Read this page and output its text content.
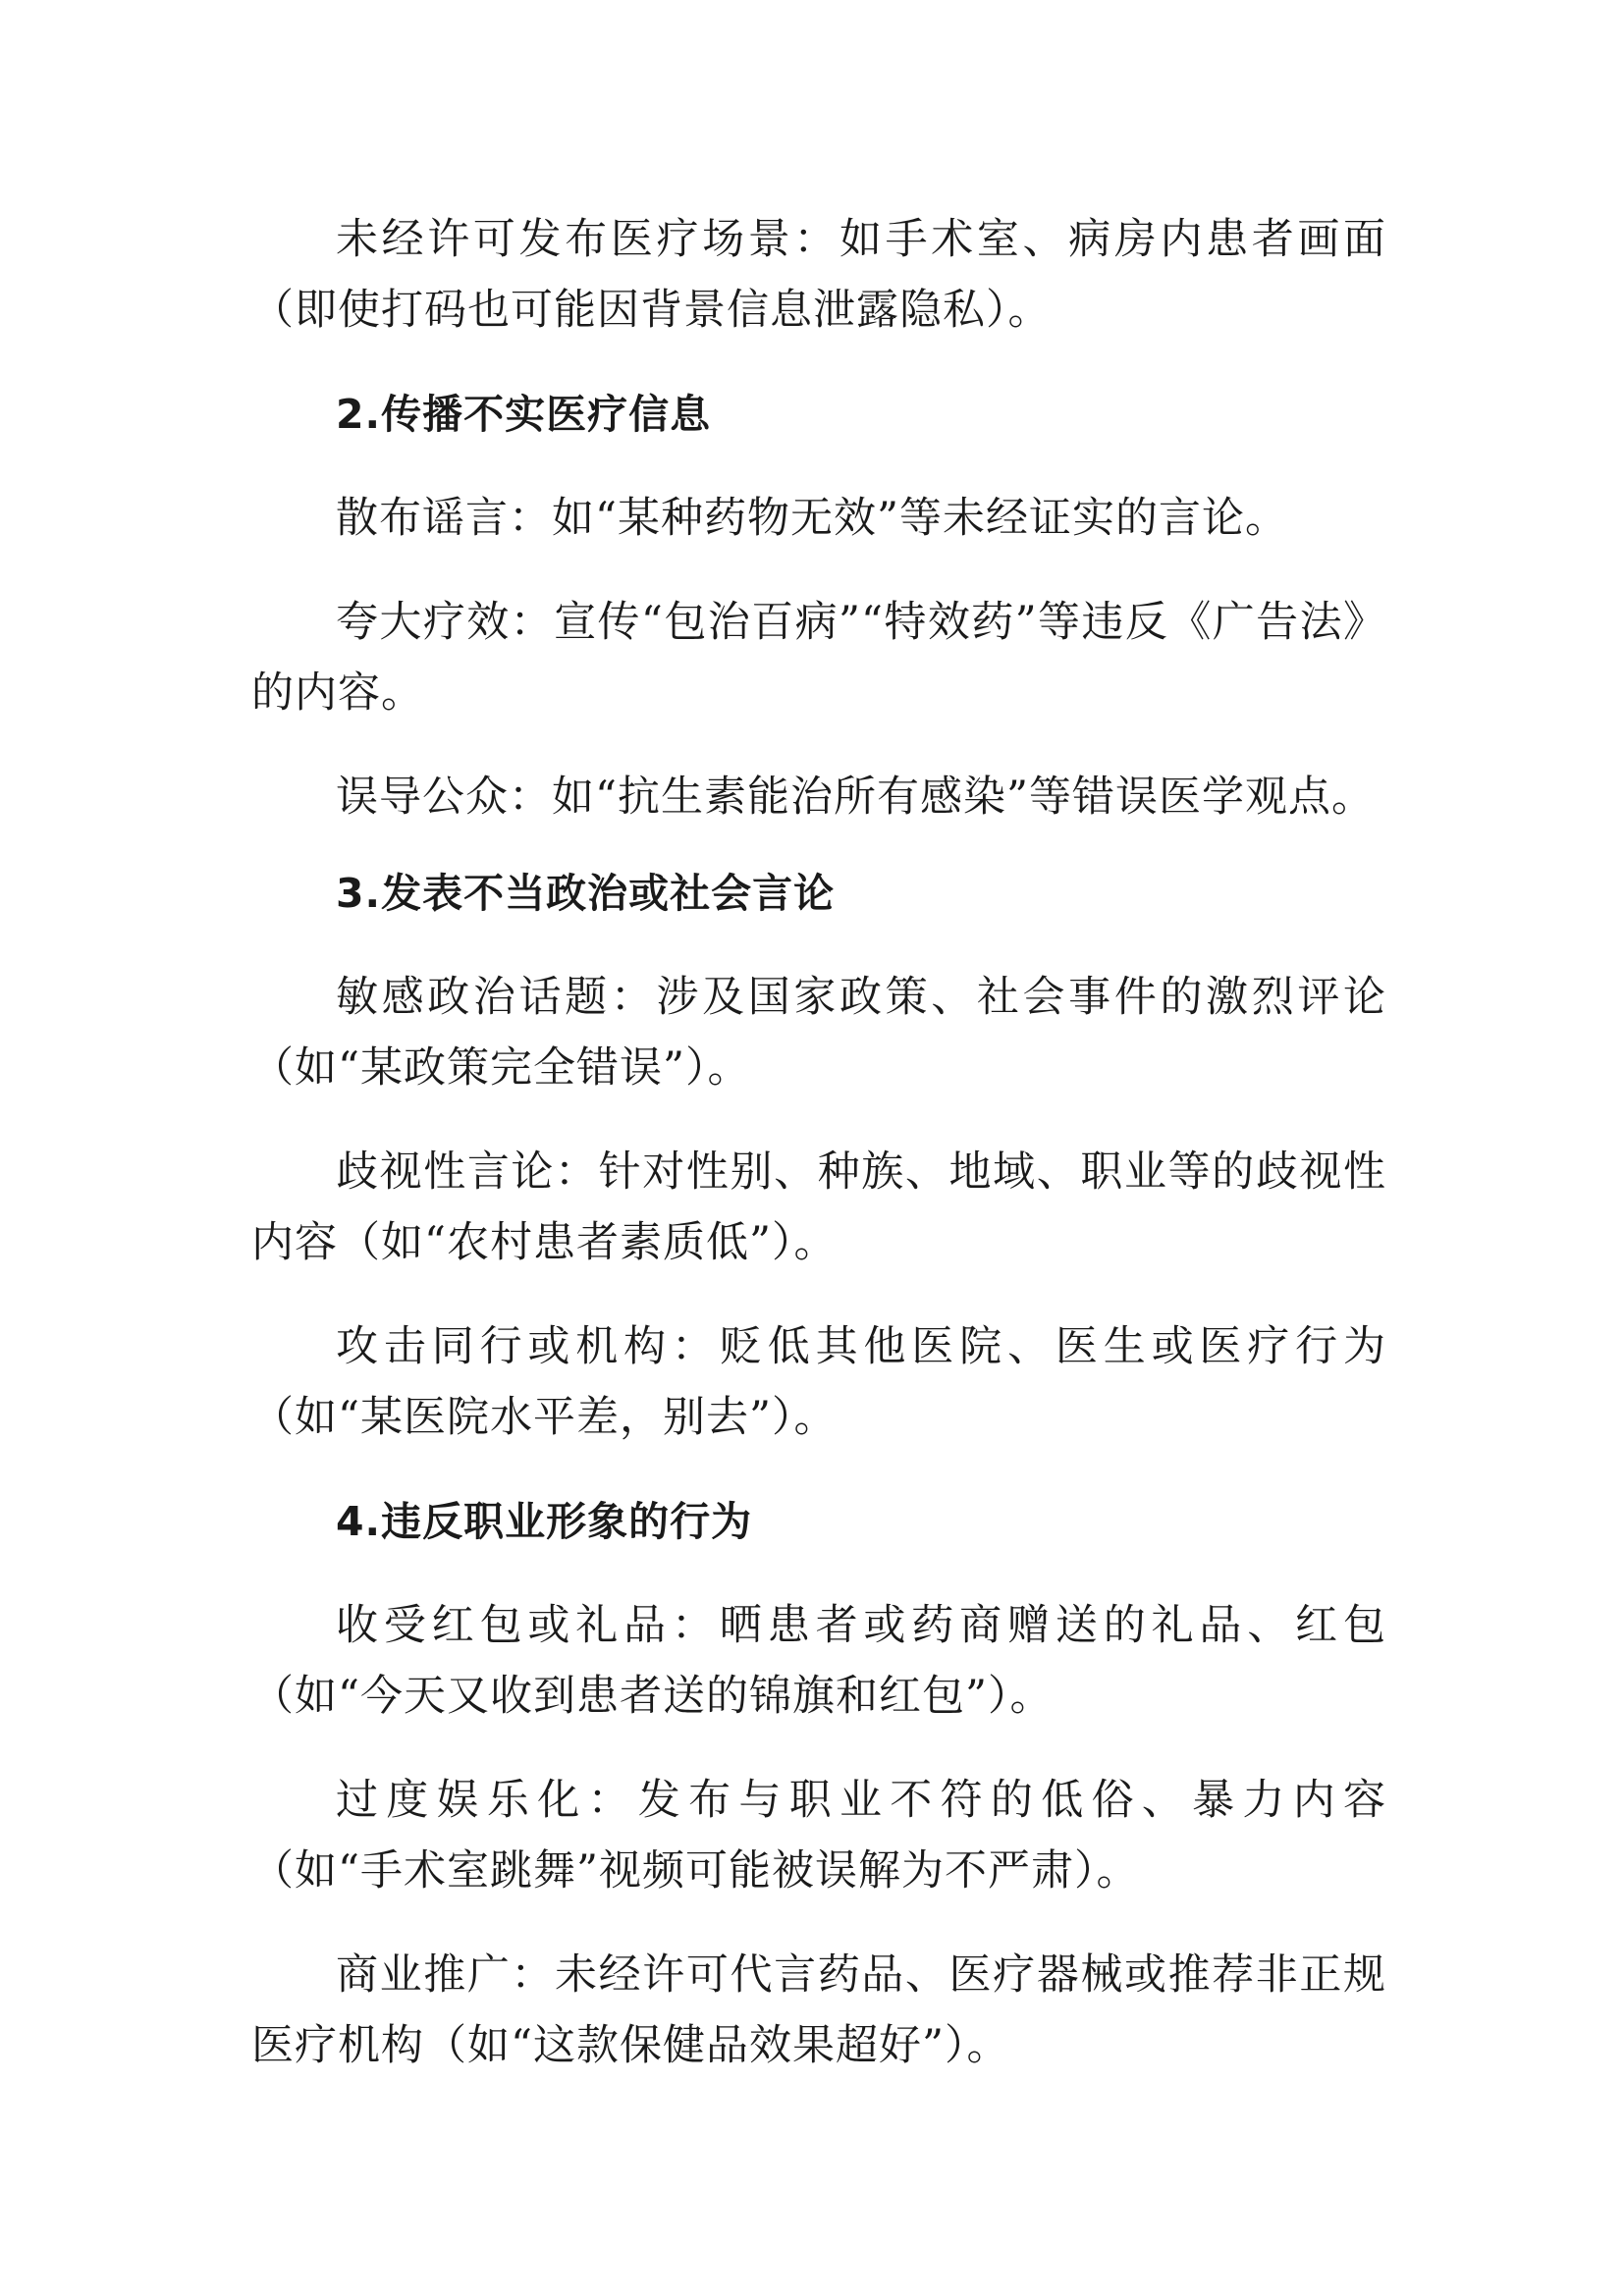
未经许可发布医疗场景：如手术室、病房内患者画面（即使打码也可能因背景信息泄露隐私）。

2.传播不实医疗信息

散布谣言：如“某种药物无效”等未经证实的言论。

夸大疗效：宣传“包治百病”“特效药”等违反《广告法》的内容。

误导公众：如“抗生素能治所有感染”等错误医学观点。

3.发表不当政治或社会言论

敏感政治话题：涉及国家政策、社会事件的激烈评论（如“某政策完全错误”）。

歧视性言论：针对性别、种族、地域、职业等的歧视性内容（如“农村患者素质低”）。

攻击同行或机构：贬低其他医院、医生或医疗行为（如“某医院水平差，别去”）。

4.违反职业形象的行为

收受红包或礼品：晒患者或药商赠送的礼品、红包（如“今天又收到患者送的锦旗和红包”）。

过度娱乐化：发布与职业不符的低俗、暴力内容（如“手术室跳舞”视频可能被误解为不严肃）。

商业推广：未经许可代言药品、医疗器械或推荐非正规医疗机构（如“这款保健品效果超好”）。
